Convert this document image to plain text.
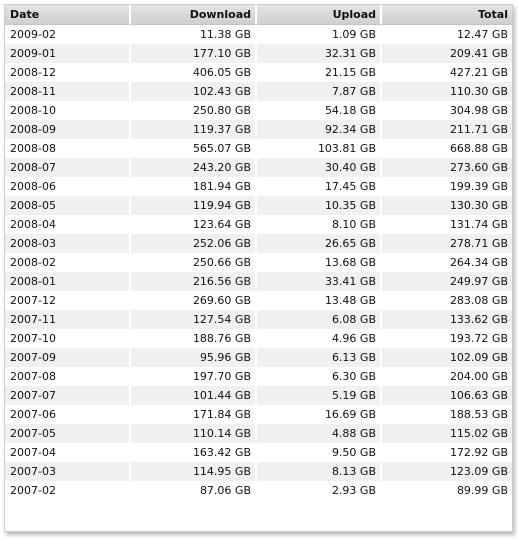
Date	Download	Upload	Total
2009-02	11.38 GB	1.09 GB	12.47 GB
2009-01	177.10 GB	32.31 GB	209.41 GB
2008-12	406.05 GB	21.15 GB	427.21 GB
2008-11	102.43 GB	7.87 GB	110.30 GB
2008-10	250.80 GB	54.18 GB	304.98 GB
2008-09	119.37 GB	92.34 GB	211.71 GB
2008-08	565.07 GB	103.81 GB	668.88 GB
2008-07	243.20 GB	30.40 GB	273.60 GB
2008-06	181.94 GB	17.45 GB	199.39 GB
2008-05	119.94 GB	10.35 GB	130.30 GB
2008-04	123.64 GB	8.10 GB	131.74 GB
2008-03	252.06 GB	26.65 GB	278.71 GB
2008-02	250.66 GB	13.68 GB	264.34 GB
2008-01	216.56 GB	33.41 GB	249.97 GB
2007-12	269.60 GB	13.48 GB	283.08 GB
2007-11	127.54 GB	6.08 GB	133.62 GB
2007-10	188.76 GB	4.96 GB	193.72 GB
2007-09	95.96 GB	6.13 GB	102.09 GB
2007-08	197.70 GB	6.30 GB	204.00 GB
2007-07	101.44 GB	5.19 GB	106.63 GB
2007-06	171.84 GB	16.69 GB	188.53 GB
2007-05	110.14 GB	4.88 GB	115.02 GB
2007-04	163.42 GB	9.50 GB	172.92 GB
2007-03	114.95 GB	8.13 GB	123.09 GB
2007-02	87.06 GB	2.93 GB	89.99 GB
